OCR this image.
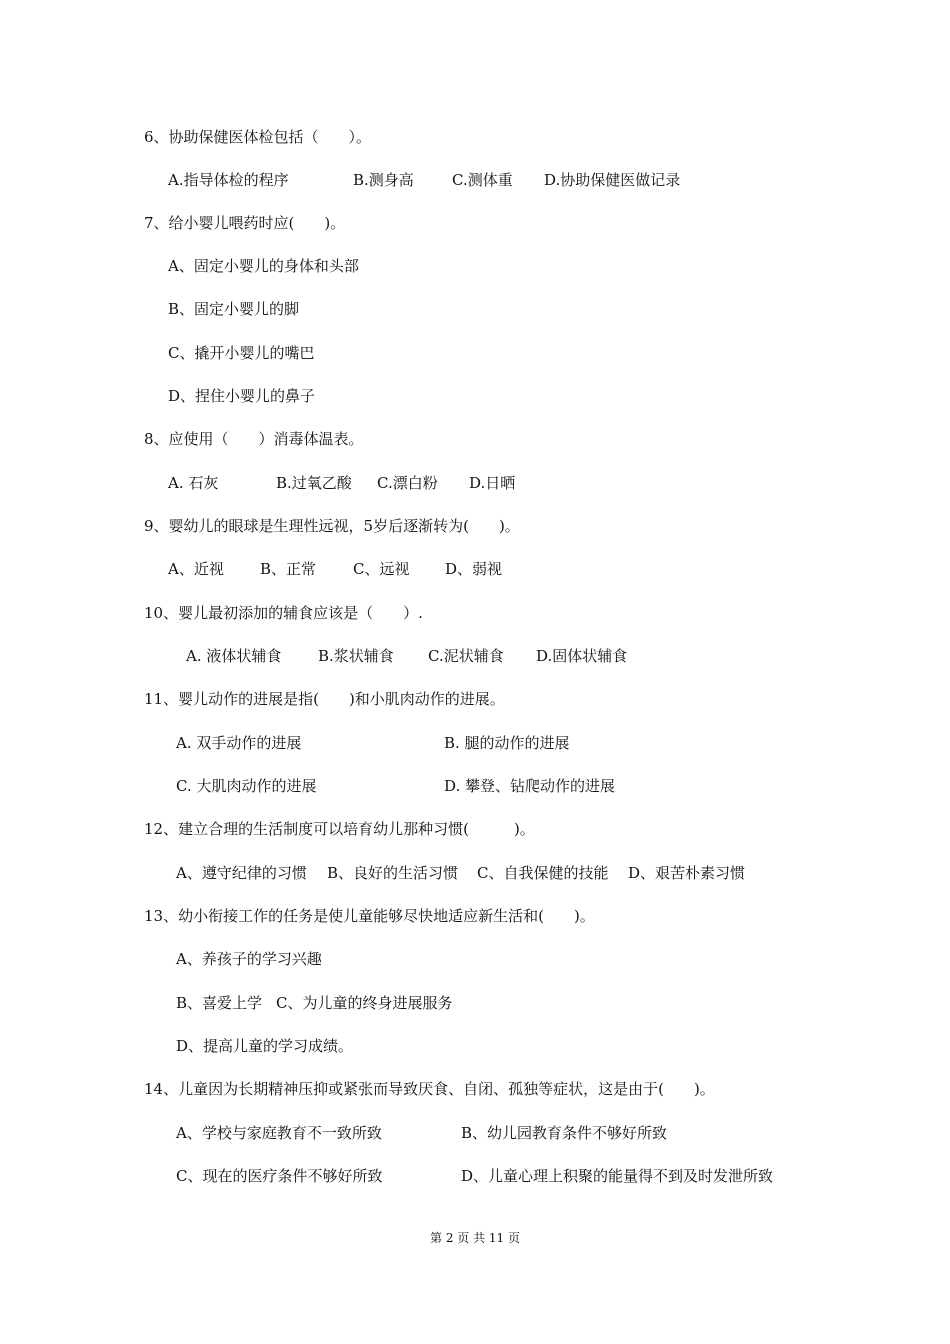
6、协助保健医体检包括（　　）。
A.指导体检的程序	B.测身高	C.测体重 D.协助保健医做记录
7、给小婴儿喂药时应(　　)。
A、固定小婴儿的身体和头部
B、固定小婴儿的脚
C、撬开小婴儿的嘴巴
D、捏住小婴儿的鼻子
8、应使用（　　）消毒体温表。
A. 石灰	B.过氧乙酸 C.漂白粉 D.日晒
9、婴幼儿的眼球是生理性远视，5岁后逐渐转为(　　)。
A、近视 B、正常 C、远视 D、弱视
10、婴儿最初添加的辅食应该是（　　）.
A. 液体状辅食 B.浆状辅食 C.泥状辅食 D.固体状辅食
11、婴儿动作的进展是指(　　)和小肌肉动作的进展。
A. 双手动作的进展	B. 腿的动作的进展
C. 大肌肉动作的进展	D. 攀登、钻爬动作的进展
12、建立合理的生活制度可以培育幼儿那种习惯(　　　)。
A、遵守纪律的习惯 B、良好的生活习惯 C、自我保健的技能 D、艰苦朴素习惯
13、幼小衔接工作的任务是使儿童能够尽快地适应新生活和(　　)。
A、养孩子的学习兴趣
B、喜爱上学 C、为儿童的终身进展服务
D、提高儿童的学习成绩。
14、儿童因为长期精神压抑或紧张而导致厌食、自闭、孤独等症状，这是由于(　　)。
A、学校与家庭教育不一致所致	B、幼儿园教育条件不够好所致
C、现在的医疗条件不够好所致	D、儿童心理上积聚的能量得不到及时发泄所致
第 2 页 共 11 页
